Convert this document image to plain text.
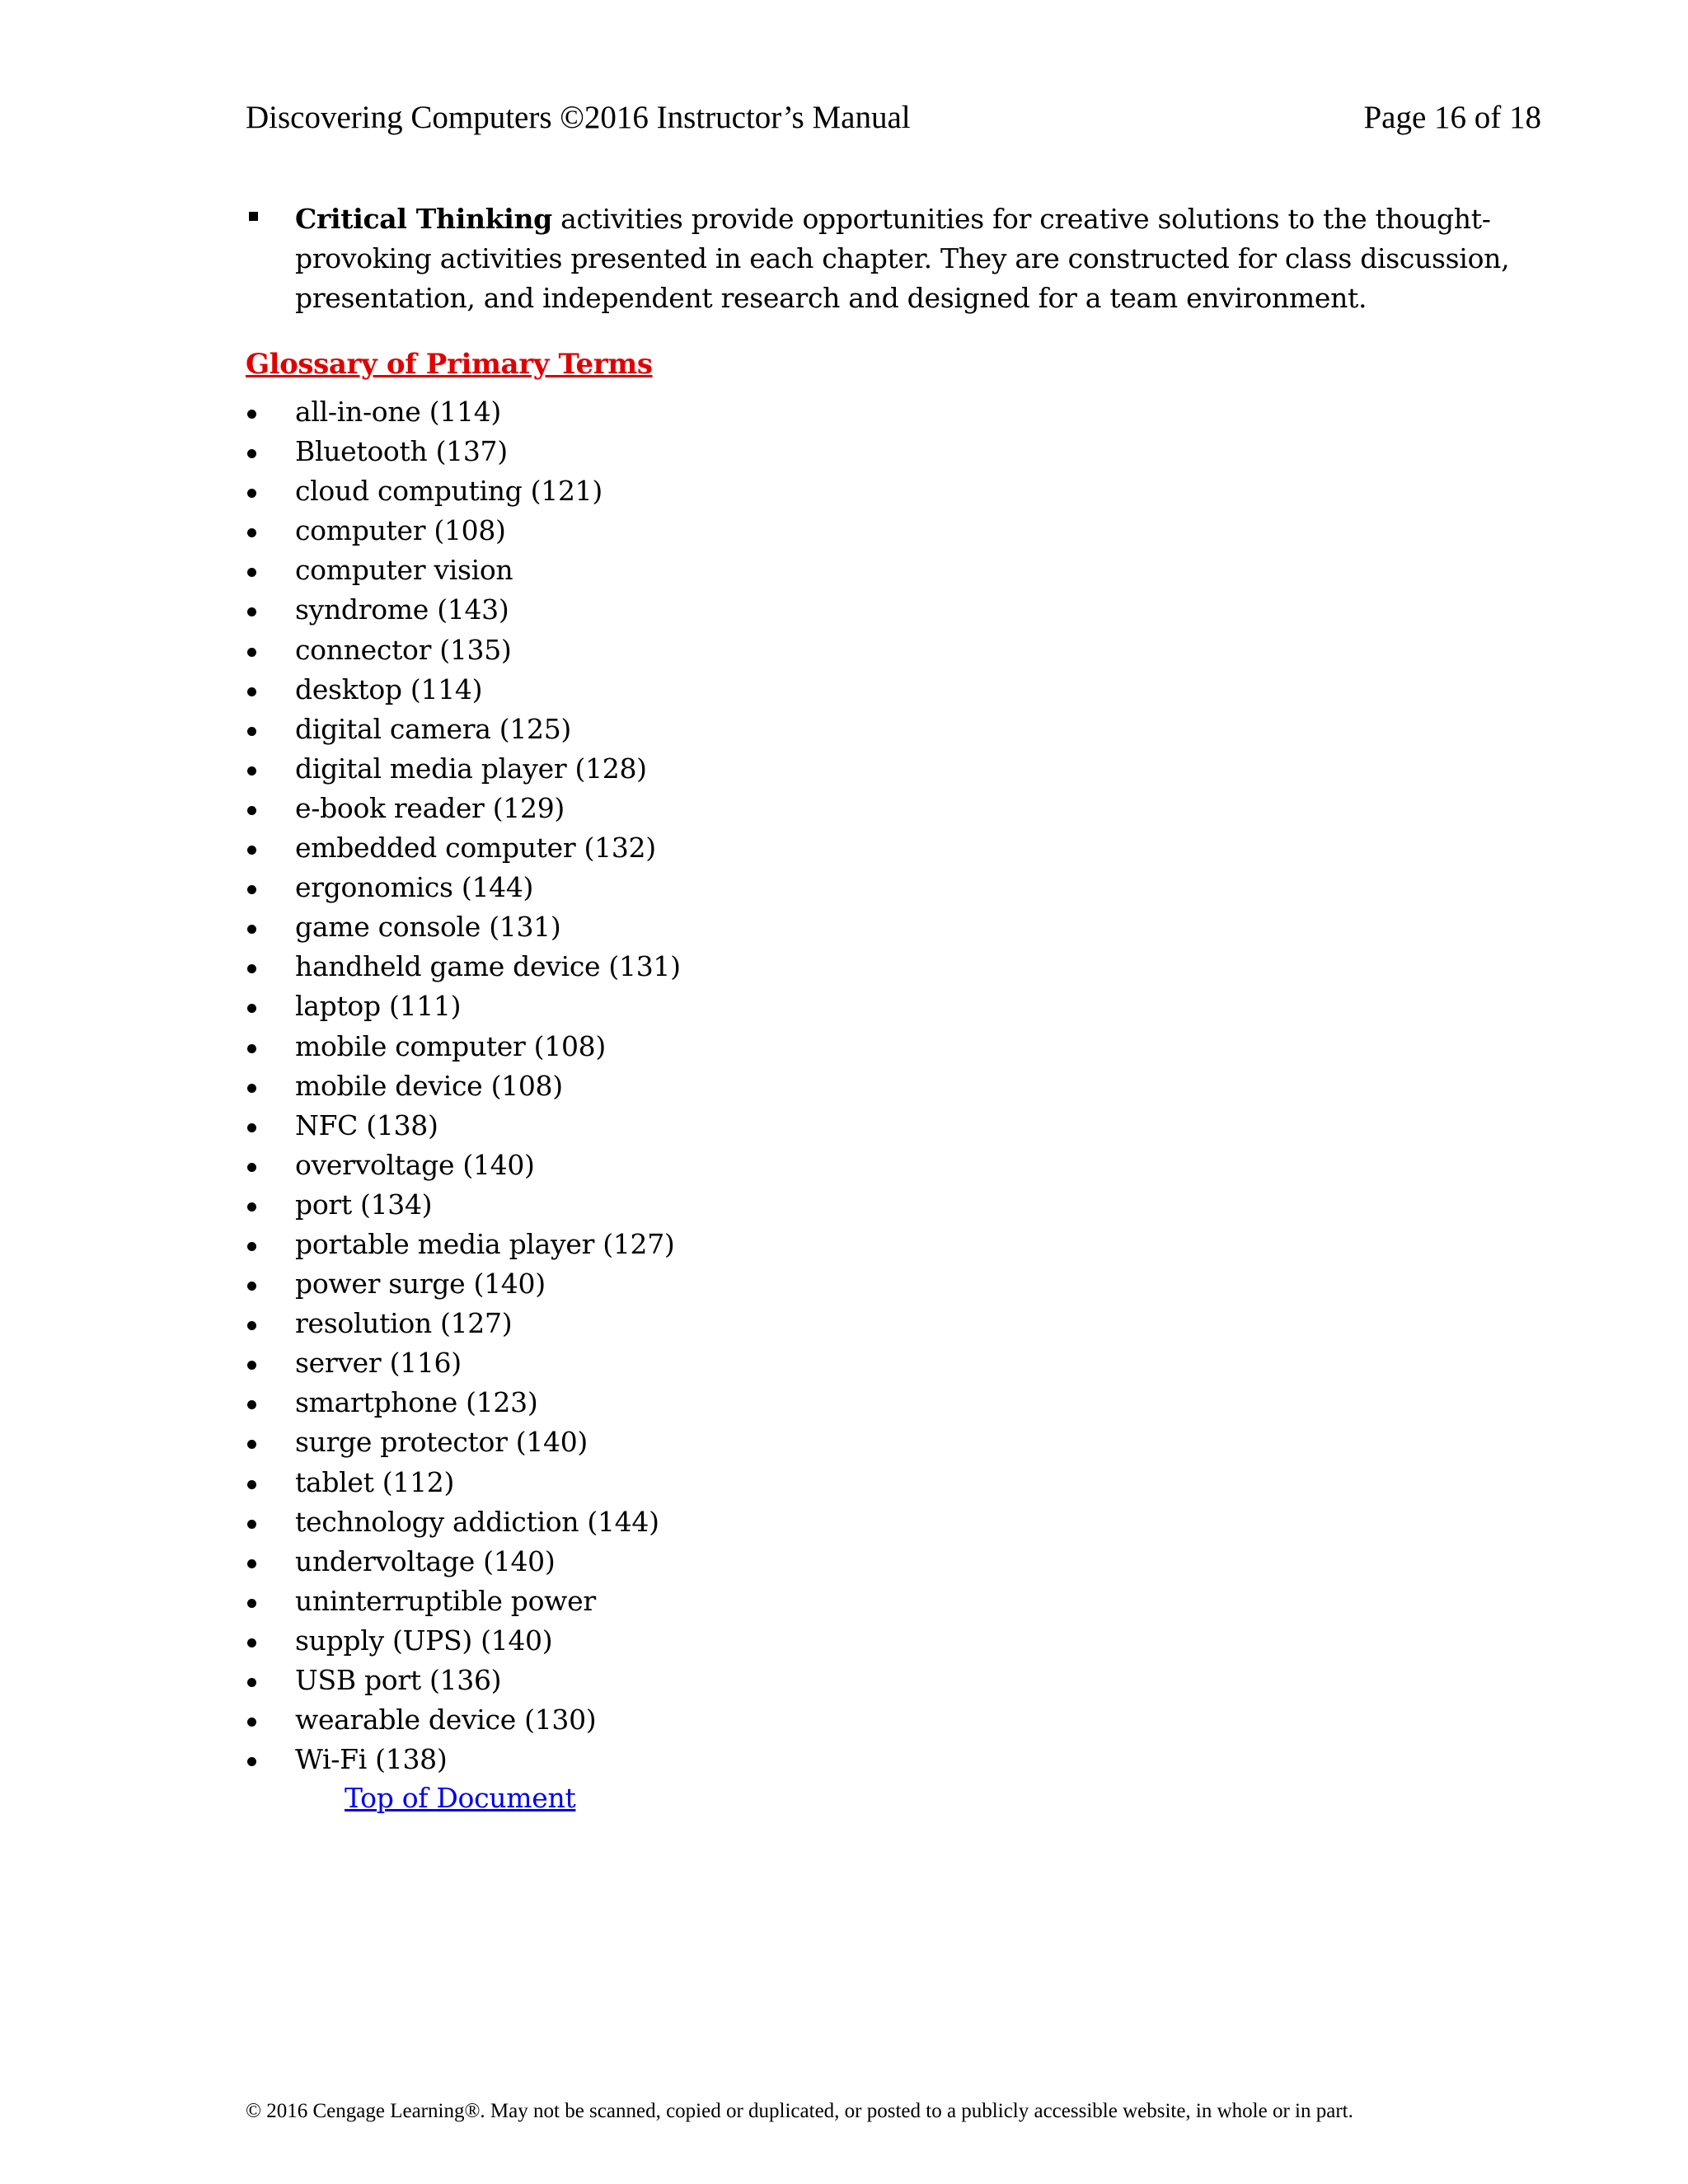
Discovering Computers ©2016 Instructor’s Manual	Page 16 of 18
Critical Thinking activities provide opportunities for creative solutions to the thought-provoking activities presented in each chapter. They are constructed for class discussion, presentation, and independent research and designed for a team environment.
Glossary of Primary Terms
all-in-one (114)
Bluetooth (137)
cloud computing (121)
computer (108)
computer vision
syndrome (143)
connector (135)
desktop (114)
digital camera (125)
digital media player (128)
e-book reader (129)
embedded computer (132)
ergonomics (144)
game console (131)
handheld game device (131)
laptop (111)
mobile computer (108)
mobile device (108)
NFC (138)
overvoltage (140)
port (134)
portable media player (127)
power surge (140)
resolution (127)
server (116)
smartphone (123)
surge protector (140)
tablet (112)
technology addiction (144)
undervoltage (140)
uninterruptible power
supply (UPS) (140)
USB port (136)
wearable device (130)
Wi-Fi (138)
Top of Document
© 2016 Cengage Learning®. May not be scanned, copied or duplicated, or posted to a publicly accessible website, in whole or in part.
